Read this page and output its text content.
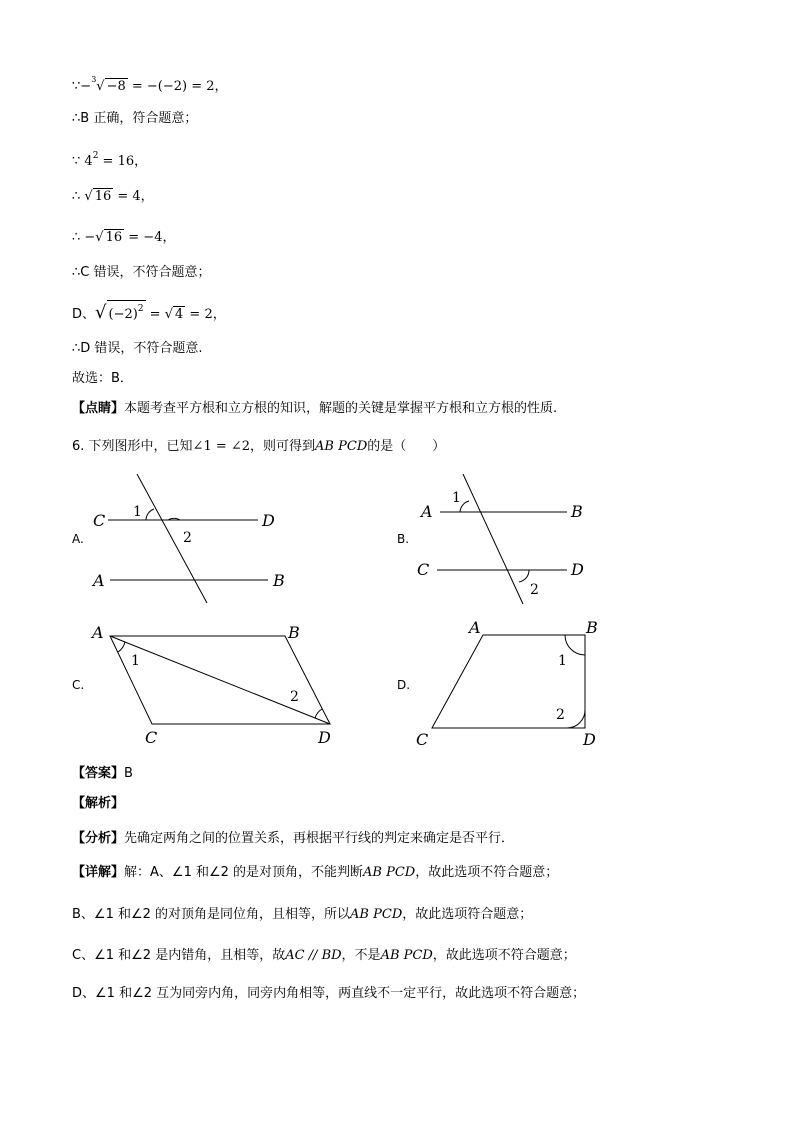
∵−$^3$√ −8 = −(−2) = 2，
∴B 正确，符合题意；
∵ $4^2 = 16$，
∴ √ 16 = 4，
∴ −√ 16 = −4，
∴C 错误，不符合题意；
D、√ $(-2)^2$ = √ 4 = 2，
∴D 错误，不符合题意.
故选：B．
【点睛】本题考查平方根和立方根的知识，解题的关键是掌握平方根和立方根的性质.
6. 下列图形中，已知∠1 = ∠2，则可得到AB PCD的是（　　）
A.	B.
C.	D.
C	D
A	B
1
2
A	B
C	D
1
2
A	B
C	D
1
2
A	B
C	D
1
2
【答案】B
【解析】
【分析】先确定两角之间的位置关系，再根据平行线的判定来确定是否平行．
【详解】解：A、∠1 和∠2 的是对顶角，不能判断AB PCD，故此选项不符合题意；
B、∠1 和∠2 的对顶角是同位角，且相等，所以AB PCD，故此选项符合题意；
C、∠1 和∠2 是内错角，且相等，故AC // BD，不是AB PCD，故此选项不符合题意；
D、∠1 和∠2 互为同旁内角，同旁内角相等，两直线不一定平行，故此选项不符合题意；
